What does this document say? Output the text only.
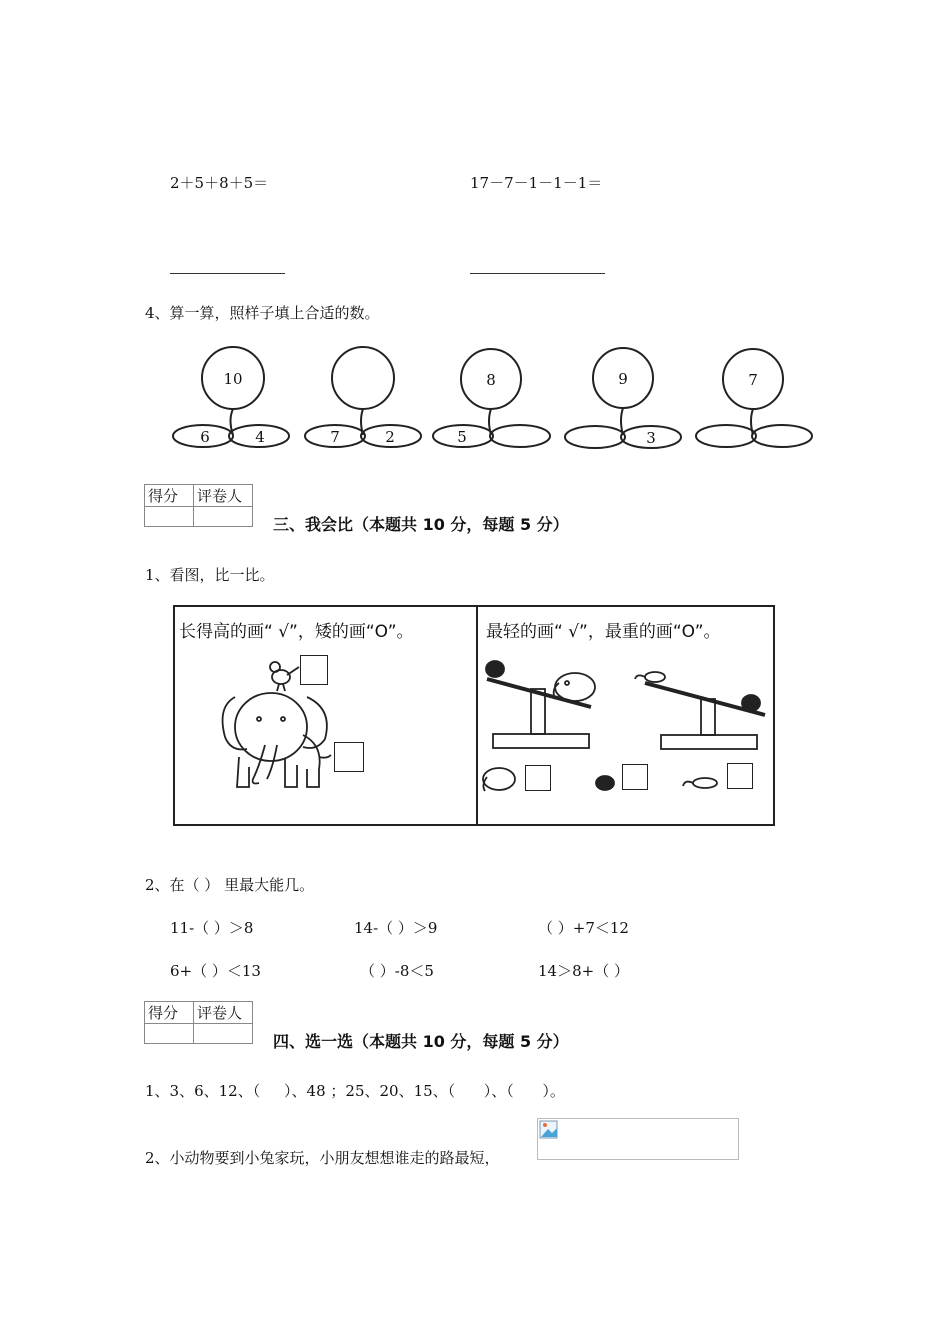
2＋5＋8＋5＝	17－7－1－1－1＝
4、算一算，照样子填上合适的数。
10
6	4	7	2
8
5
9
3
7
得分	评卷人

三、我会比（本题共 10 分，每题 5 分）
1、看图，比一比。
长得高的画“ √”，矮的画“O”。	最轻的画“ √”，最重的画“O”。
2、在（ ） 里最大能几。
11-（ ）＞8	14-（ ）＞9	（ ）+7＜12
6+（ ）＜13	（ ）-8＜5	14＞8+（ ）
得分	评卷人

四、选一选（本题共 10 分，每题 5 分）
1、3、6、12、（     ）、48 ；25、20、15、（      ）、（      ）。
2、小动物要到小兔家玩，小朋友想想谁走的路最短，
